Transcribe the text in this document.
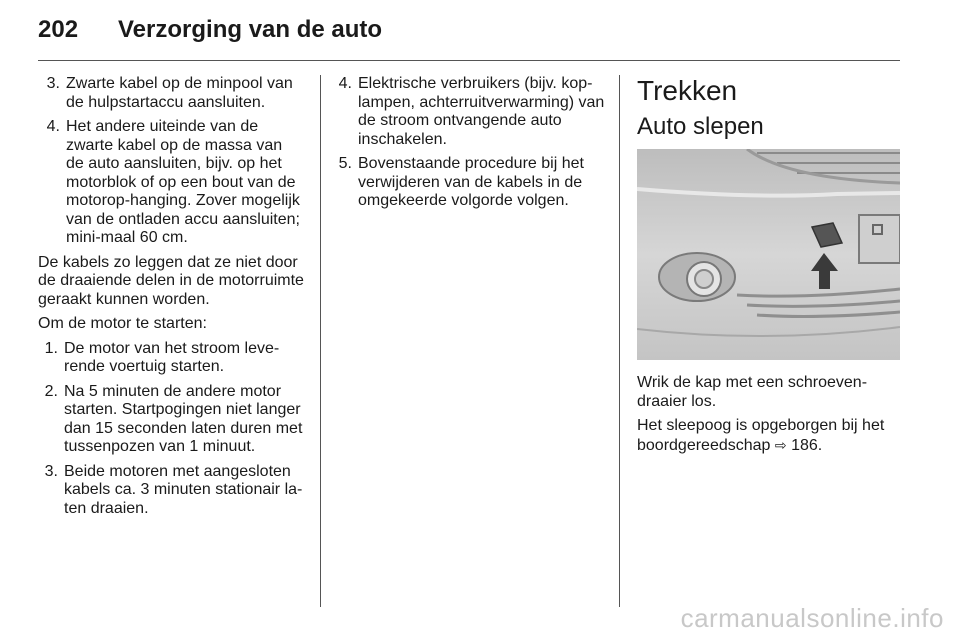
202 Verzorging van de auto
3. Zwarte kabel op de minpool van de hulpstartaccu aansluiten.
4. Het andere uiteinde van de zwarte kabel op de massa van de auto aansluiten, bijv. op het motorblok of op een bout van de motorop-hanging. Zover mogelijk van de ontladen accu aansluiten; mini-maal 60 cm.

De kabels zo leggen dat ze niet door de draaiende delen in de motorruimte geraakt kunnen worden.

Om de motor te starten:

1. De motor van het stroom leve-rende voertuig starten.
2. Na 5 minuten de andere motor starten. Startpogingen niet langer dan 15 seconden laten duren met tussenpozen van 1 minuut.
3. Beide motoren met aangesloten kabels ca. 3 minuten stationair la-ten draaien.
4. Elektrische verbruikers (bijv. kop-lampen, achterruitverwarming) van de stroom ontvangende auto inschakelen.
5. Bovenstaande procedure bij het verwijderen van de kabels in de omgekeerde volgorde volgen.
Trekken
Auto slepen

Wrik de kap met een schroeven-draaier los.

Het sleepoog is opgeborgen bij het boordgereedschap ⇨ 186.

carmanualsonline.info
